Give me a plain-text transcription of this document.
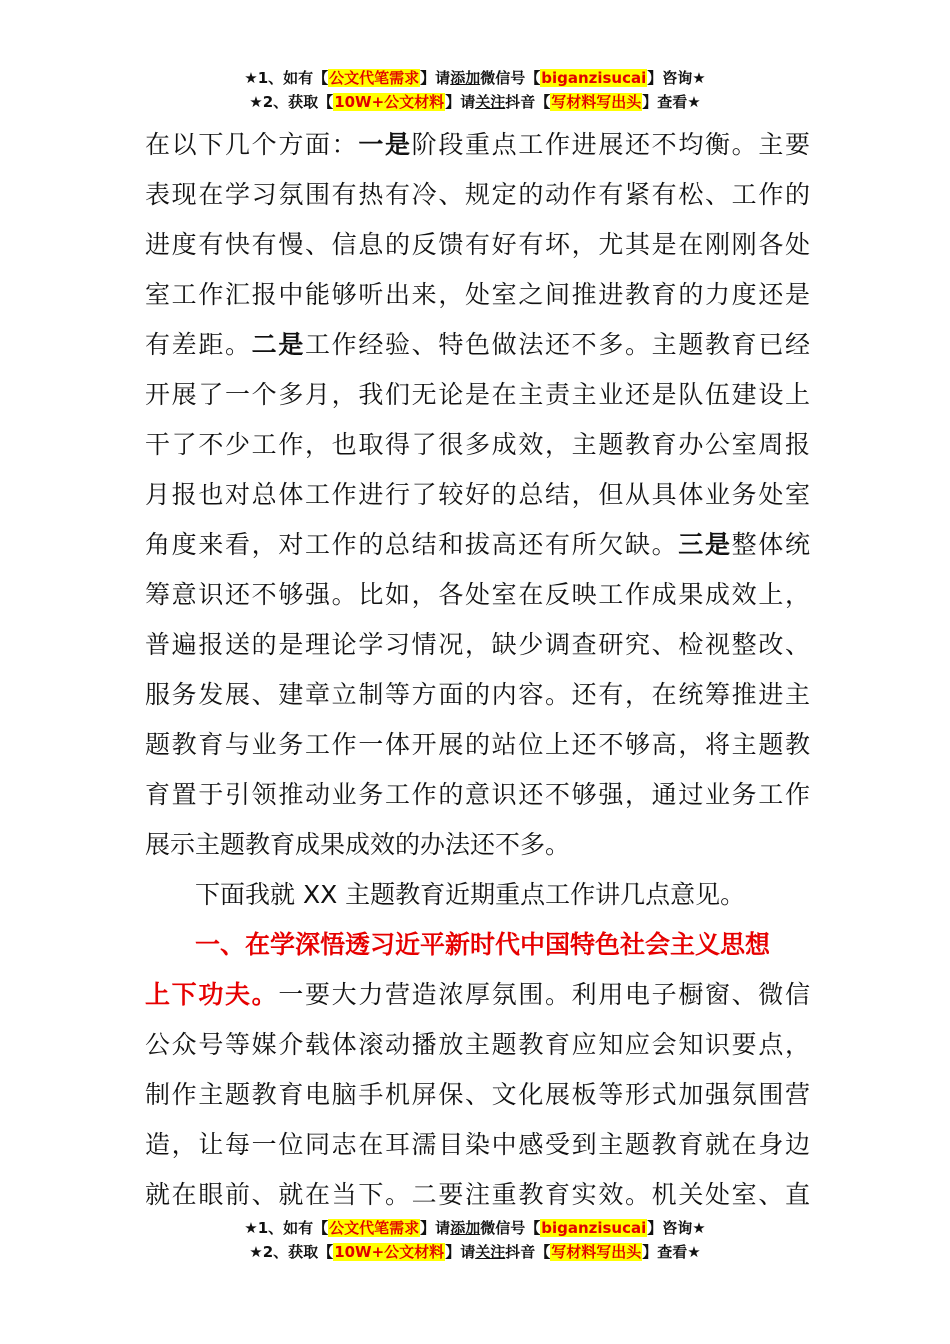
★1、如有【公文代笔需求】请添加微信号【biganzisucai】咨询★
★2、获取【10W+公文材料】请关注抖音【写材料写出头】查看★
在以下几个方面：一是阶段重点工作进展还不均衡。主要
表现在学习氛围有热有冷、规定的动作有紧有松、工作的
进度有快有慢、信息的反馈有好有坏，尤其是在刚刚各处
室工作汇报中能够听出来，处室之间推进教育的力度还是
有差距。二是工作经验、特色做法还不多。主题教育已经
开展了一个多月，我们无论是在主责主业还是队伍建设上
干了不少工作，也取得了很多成效，主题教育办公室周报
月报也对总体工作进行了较好的总结，但从具体业务处室
角度来看，对工作的总结和拔高还有所欠缺。三是整体统
筹意识还不够强。比如，各处室在反映工作成果成效上，
普遍报送的是理论学习情况，缺少调查研究、检视整改、
服务发展、建章立制等方面的内容。还有，在统筹推进主
题教育与业务工作一体开展的站位上还不够高，将主题教
育置于引领推动业务工作的意识还不够强，通过业务工作
展示主题教育成果成效的办法还不多。
下面我就 XX 主题教育近期重点工作讲几点意见。
一、在学深悟透习近平新时代中国特色社会主义思想
上下功夫。一要大力营造浓厚氛围。利用电子橱窗、微信
公众号等媒介载体滚动播放主题教育应知应会知识要点，
制作主题教育电脑手机屏保、文化展板等形式加强氛围营
造，让每一位同志在耳濡目染中感受到主题教育就在身边
就在眼前、就在当下。二要注重教育实效。机关处室、直
★1、如有【公文代笔需求】请添加微信号【biganzisucai】咨询★
★2、获取【10W+公文材料】请关注抖音【写材料写出头】查看★
